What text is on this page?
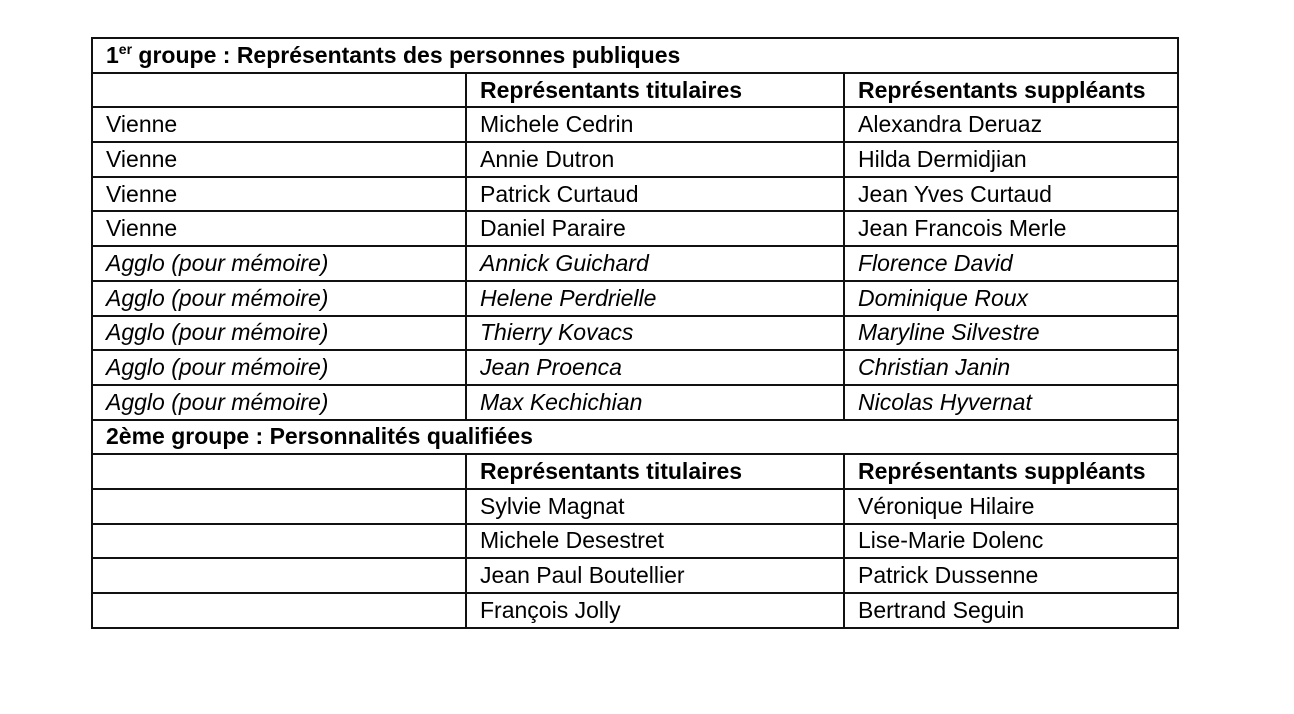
1er groupe : Représentants des personnes publiques		
	Représentants titulaires	Représentants suppléants
Vienne	Michele Cedrin	Alexandra Deruaz
Vienne	Annie Dutron	Hilda Dermidjian
Vienne	Patrick Curtaud	Jean Yves Curtaud
Vienne	Daniel Paraire	Jean Francois Merle
Agglo (pour mémoire)	Annick Guichard	Florence David
Agglo (pour mémoire)	Helene Perdrielle	Dominique Roux
Agglo (pour mémoire)	Thierry Kovacs	Maryline Silvestre
Agglo (pour mémoire)	Jean Proenca	Christian Janin
Agglo (pour mémoire)	Max Kechichian	Nicolas Hyvernat
2ème groupe : Personnalités qualifiées		
	Représentants titulaires	Représentants suppléants
	Sylvie Magnat	Véronique Hilaire
	Michele Desestret	Lise-Marie Dolenc
	Jean Paul Boutellier	Patrick Dussenne
	François Jolly	Bertrand Seguin
